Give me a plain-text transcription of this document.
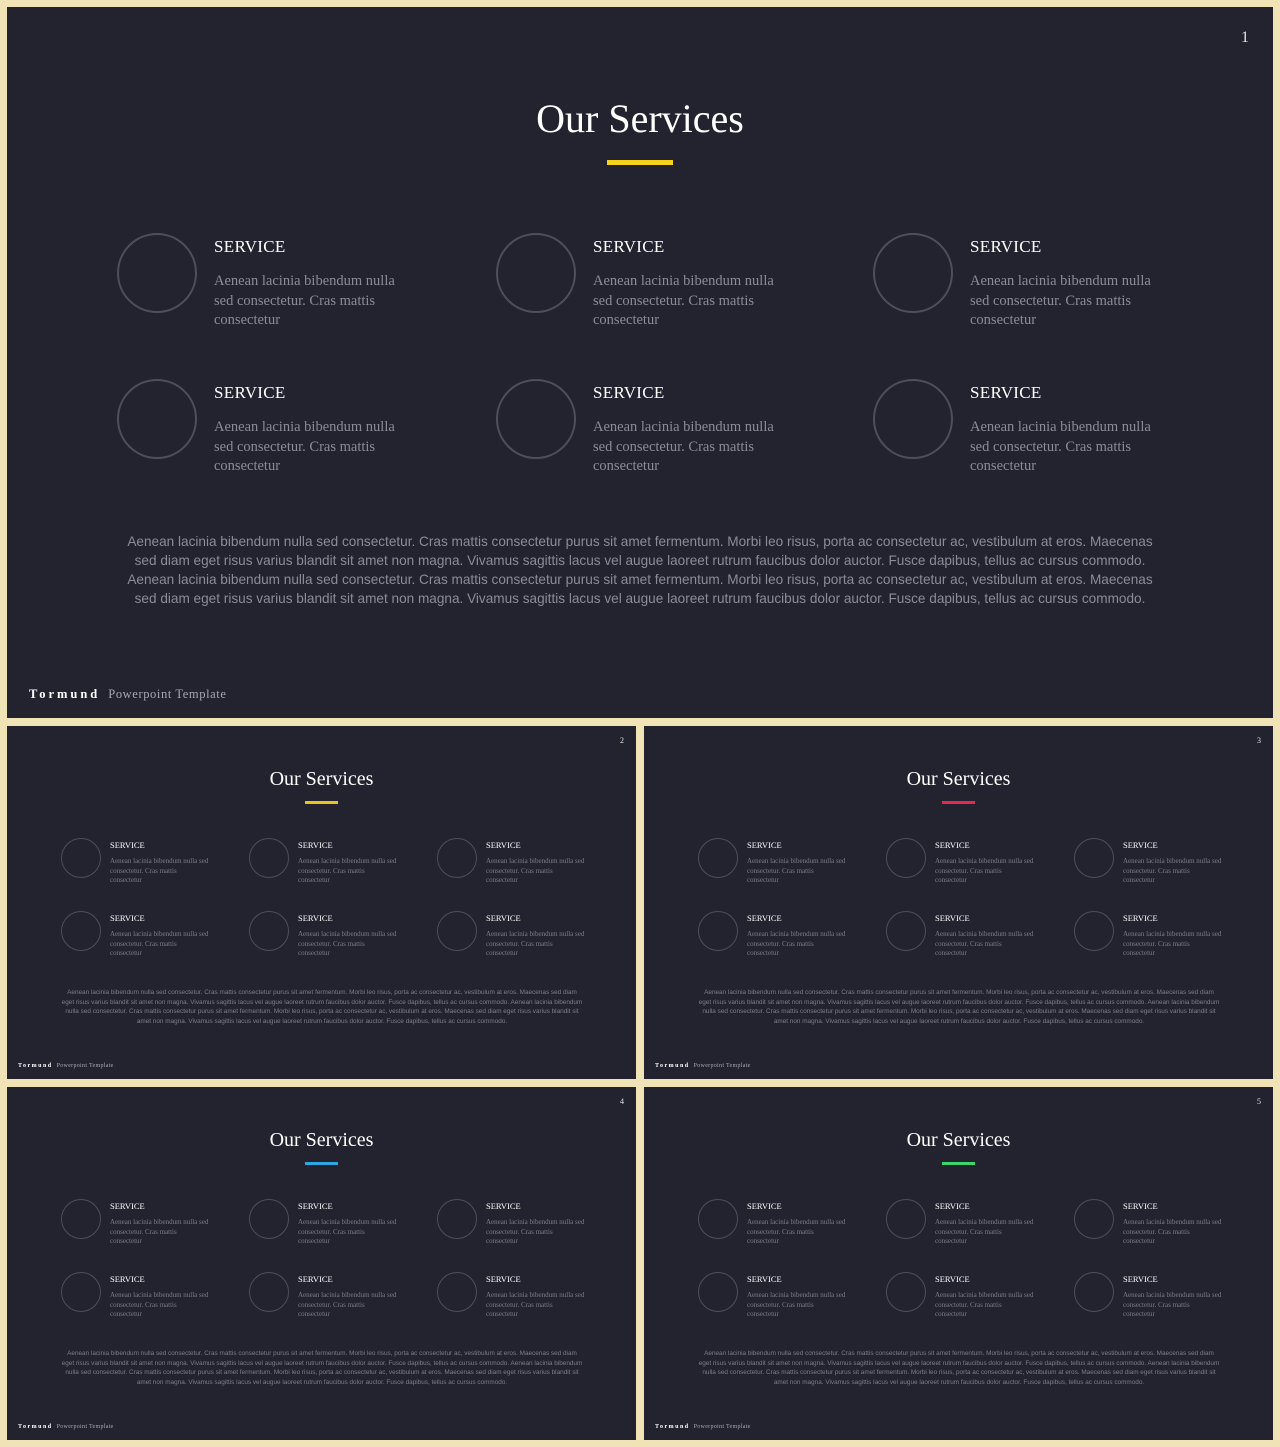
1
Our Services
SERVICE
Aenean lacinia bibendum nulla sed consectetur. Cras mattis consectetur
SERVICE
Aenean lacinia bibendum nulla sed consectetur. Cras mattis consectetur
SERVICE
Aenean lacinia bibendum nulla sed consectetur. Cras mattis consectetur
SERVICE
Aenean lacinia bibendum nulla sed consectetur. Cras mattis consectetur
SERVICE
Aenean lacinia bibendum nulla sed consectetur. Cras mattis consectetur
SERVICE
Aenean lacinia bibendum nulla sed consectetur. Cras mattis consectetur
Aenean lacinia bibendum nulla sed consectetur. Cras mattis consectetur purus sit amet fermentum. Morbi leo risus, porta ac consectetur ac, vestibulum at eros. Maecenas sed diam eget risus varius blandit sit amet non magna. Vivamus sagittis lacus vel augue laoreet rutrum faucibus dolor auctor. Fusce dapibus, tellus ac cursus commodo. Aenean lacinia bibendum nulla sed consectetur. Cras mattis consectetur purus sit amet fermentum. Morbi leo risus, porta ac consectetur ac, vestibulum at eros. Maecenas sed diam eget risus varius blandit sit amet non magna. Vivamus sagittis lacus vel augue laoreet rutrum faucibus dolor auctor. Fusce dapibus, tellus ac cursus commodo.
Tormund Powerpoint Template
2
Our Services
SERVICE
Aenean lacinia bibendum nulla sed consectetur. Cras mattis consectetur
SERVICE
Aenean lacinia bibendum nulla sed consectetur. Cras mattis consectetur
SERVICE
Aenean lacinia bibendum nulla sed consectetur. Cras mattis consectetur
SERVICE
Aenean lacinia bibendum nulla sed consectetur. Cras mattis consectetur
SERVICE
Aenean lacinia bibendum nulla sed consectetur. Cras mattis consectetur
SERVICE
Aenean lacinia bibendum nulla sed consectetur. Cras mattis consectetur
Aenean lacinia bibendum nulla sed consectetur. Cras mattis consectetur purus sit amet fermentum. Morbi leo risus, porta ac consectetur ac, vestibulum at eros. Maecenas sed diam eget risus varius blandit sit amet non magna. Vivamus sagittis lacus vel augue laoreet rutrum faucibus dolor auctor. Fusce dapibus, tellus ac cursus commodo. Aenean lacinia bibendum nulla sed consectetur. Cras mattis consectetur purus sit amet fermentum. Morbi leo risus, porta ac consectetur ac, vestibulum at eros. Maecenas sed diam eget risus varius blandit sit amet non magna. Vivamus sagittis lacus vel augue laoreet rutrum faucibus dolor auctor. Fusce dapibus, tellus ac cursus commodo.
Tormund Powerpoint Template
3
Our Services
SERVICE
Aenean lacinia bibendum nulla sed consectetur. Cras mattis consectetur
SERVICE
Aenean lacinia bibendum nulla sed consectetur. Cras mattis consectetur
SERVICE
Aenean lacinia bibendum nulla sed consectetur. Cras mattis consectetur
SERVICE
Aenean lacinia bibendum nulla sed consectetur. Cras mattis consectetur
SERVICE
Aenean lacinia bibendum nulla sed consectetur. Cras mattis consectetur
SERVICE
Aenean lacinia bibendum nulla sed consectetur. Cras mattis consectetur
Aenean lacinia bibendum nulla sed consectetur. Cras mattis consectetur purus sit amet fermentum. Morbi leo risus, porta ac consectetur ac, vestibulum at eros. Maecenas sed diam eget risus varius blandit sit amet non magna. Vivamus sagittis lacus vel augue laoreet rutrum faucibus dolor auctor. Fusce dapibus, tellus ac cursus commodo. Aenean lacinia bibendum nulla sed consectetur. Cras mattis consectetur purus sit amet fermentum. Morbi leo risus, porta ac consectetur ac, vestibulum at eros. Maecenas sed diam eget risus varius blandit sit amet non magna. Vivamus sagittis lacus vel augue laoreet rutrum faucibus dolor auctor. Fusce dapibus, tellus ac cursus commodo.
Tormund Powerpoint Template
4
Our Services
SERVICE
Aenean lacinia bibendum nulla sed consectetur. Cras mattis consectetur
SERVICE
Aenean lacinia bibendum nulla sed consectetur. Cras mattis consectetur
SERVICE
Aenean lacinia bibendum nulla sed consectetur. Cras mattis consectetur
SERVICE
Aenean lacinia bibendum nulla sed consectetur. Cras mattis consectetur
SERVICE
Aenean lacinia bibendum nulla sed consectetur. Cras mattis consectetur
SERVICE
Aenean lacinia bibendum nulla sed consectetur. Cras mattis consectetur
Aenean lacinia bibendum nulla sed consectetur. Cras mattis consectetur purus sit amet fermentum. Morbi leo risus, porta ac consectetur ac, vestibulum at eros. Maecenas sed diam eget risus varius blandit sit amet non magna. Vivamus sagittis lacus vel augue laoreet rutrum faucibus dolor auctor. Fusce dapibus, tellus ac cursus commodo. Aenean lacinia bibendum nulla sed consectetur. Cras mattis consectetur purus sit amet fermentum. Morbi leo risus, porta ac consectetur ac, vestibulum at eros. Maecenas sed diam eget risus varius blandit sit amet non magna. Vivamus sagittis lacus vel augue laoreet rutrum faucibus dolor auctor. Fusce dapibus, tellus ac cursus commodo.
Tormund Powerpoint Template
5
Our Services
SERVICE
Aenean lacinia bibendum nulla sed consectetur. Cras mattis consectetur
SERVICE
Aenean lacinia bibendum nulla sed consectetur. Cras mattis consectetur
SERVICE
Aenean lacinia bibendum nulla sed consectetur. Cras mattis consectetur
SERVICE
Aenean lacinia bibendum nulla sed consectetur. Cras mattis consectetur
SERVICE
Aenean lacinia bibendum nulla sed consectetur. Cras mattis consectetur
SERVICE
Aenean lacinia bibendum nulla sed consectetur. Cras mattis consectetur
Aenean lacinia bibendum nulla sed consectetur. Cras mattis consectetur purus sit amet fermentum. Morbi leo risus, porta ac consectetur ac, vestibulum at eros. Maecenas sed diam eget risus varius blandit sit amet non magna. Vivamus sagittis lacus vel augue laoreet rutrum faucibus dolor auctor. Fusce dapibus, tellus ac cursus commodo. Aenean lacinia bibendum nulla sed consectetur. Cras mattis consectetur purus sit amet fermentum. Morbi leo risus, porta ac consectetur ac, vestibulum at eros. Maecenas sed diam eget risus varius blandit sit amet non magna. Vivamus sagittis lacus vel augue laoreet rutrum faucibus dolor auctor. Fusce dapibus, tellus ac cursus commodo.
Tormund Powerpoint Template
